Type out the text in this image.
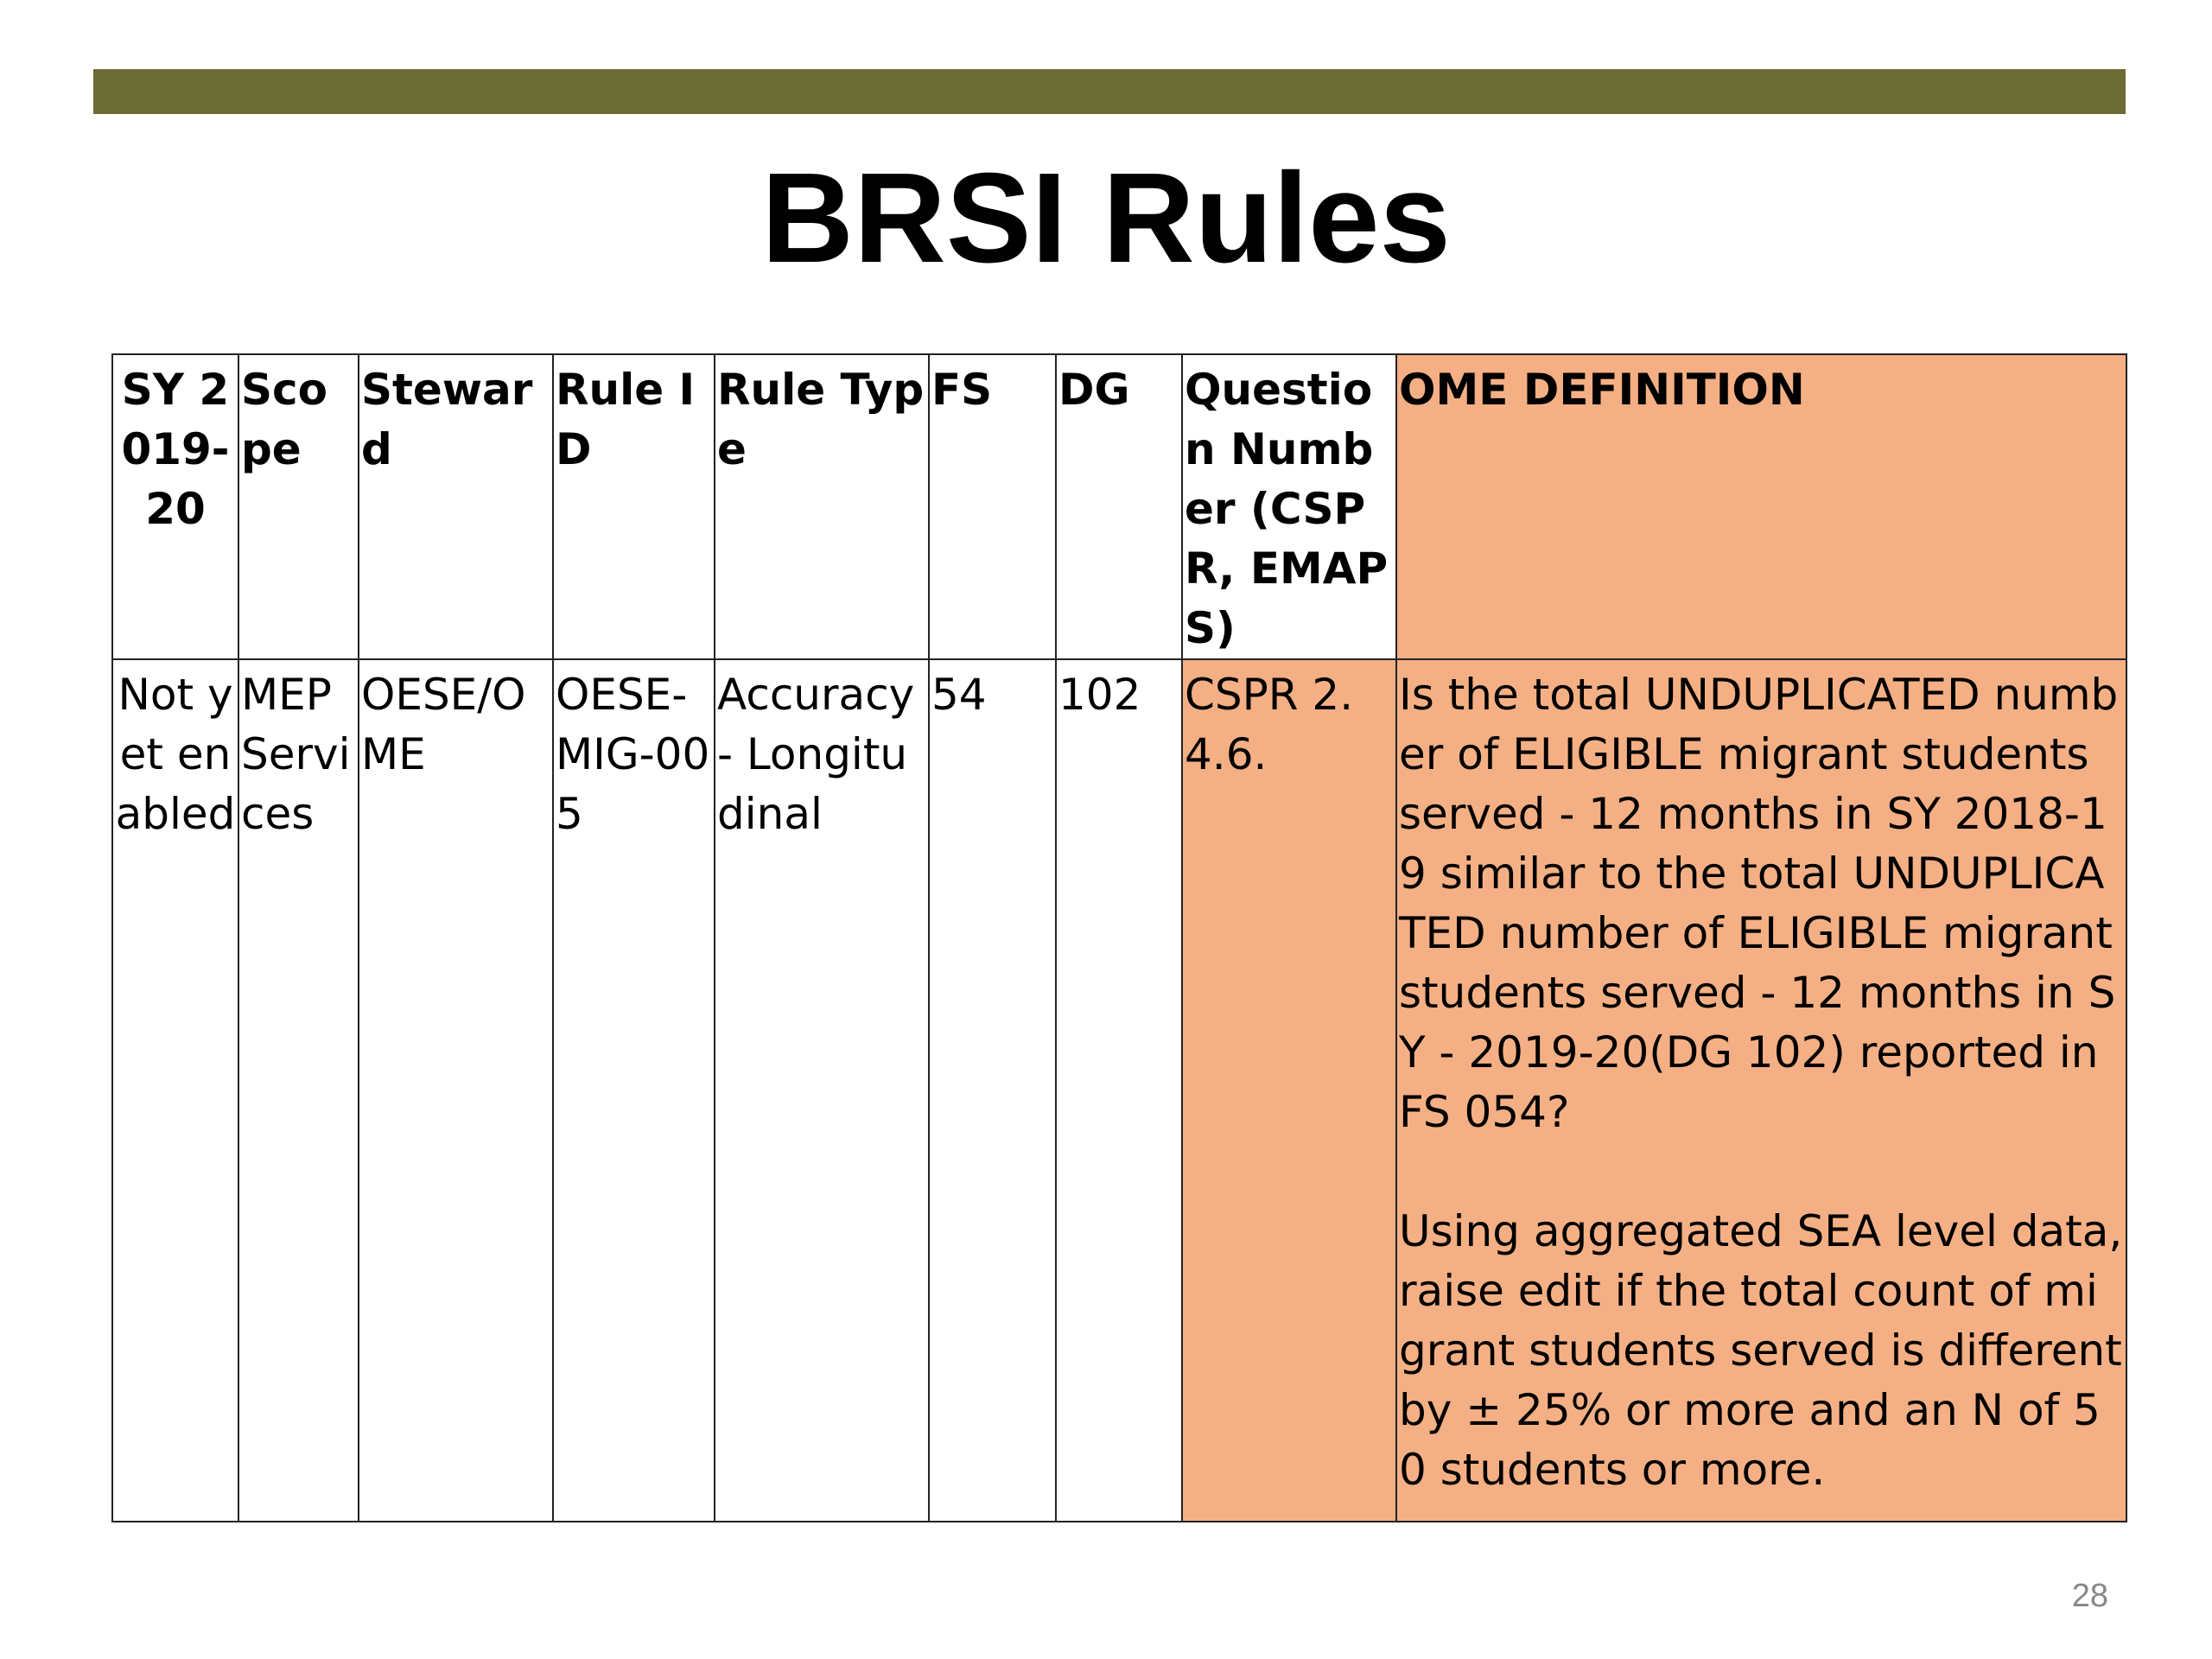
BRSI Rules
SY 2019-20	Scope	Steward	Rule ID	Rule Type	FS	DG	Question Number (CSPR, EMAPS)	OME DEFINITION
Not yet enabled	MEP Services	OESE/OME	OESE-MIG-005	Accuracy - Longitudinal	54	102	CSPR 2.4.6.	Is the total UNDUPLICATED number of ELIGIBLE migrant students served - 12 months in SY 2018-19 similar to the total UNDUPLICATED number of ELIGIBLE migrant students served - 12 months in SY - 2019-20(DG 102) reported in FS 054?
Using aggregated SEA level data, raise edit if the total count of migrant students served is different by ± 25% or more and an N of 50 students or more.
28
